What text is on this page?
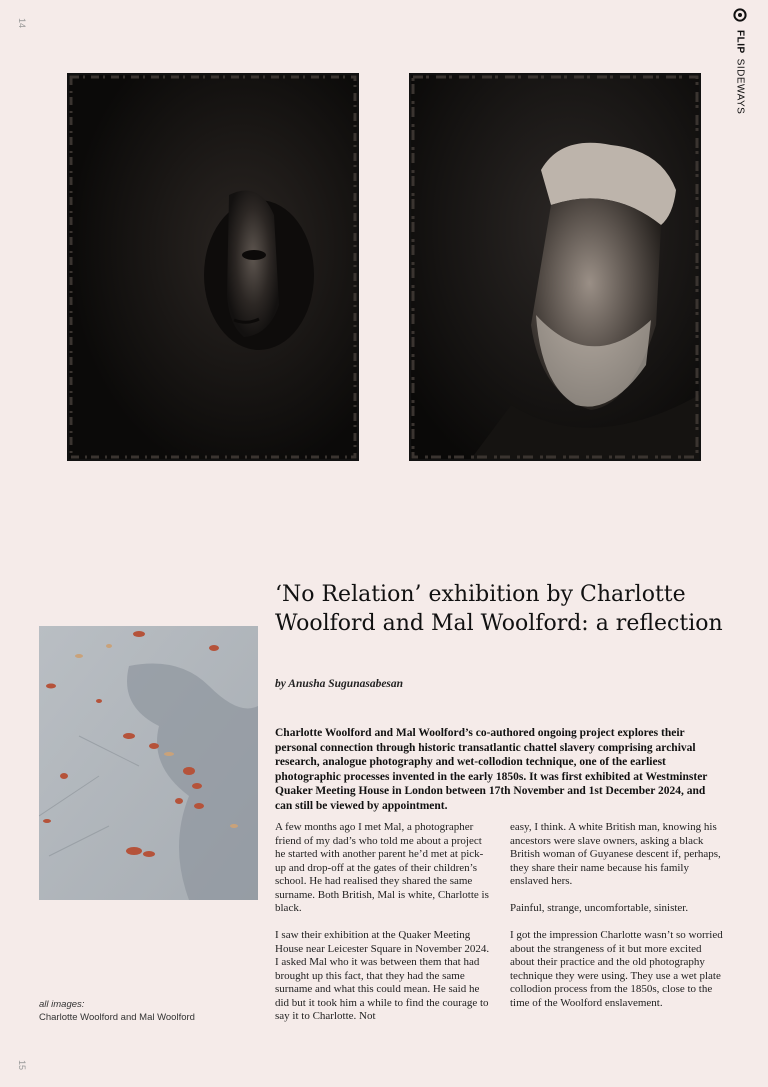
14
15
FLIPSIDEWAYS
all images:
Charlotte Woolford and Mal Woolford
‘No Relation’ exhibition by Charlotte Woolford and Mal Woolford: a reflection
by Anusha Sugunasabesan

Charlotte Woolford and Mal Woolford’s co-authored ongoing project explores their personal connection through historic transatlantic chattel slavery comprising archival research, analogue photography and wet-collodion technique, one of the earliest photographic processes invented in the early 1850s. It was first exhibited at Westminster Quaker Meeting House in London between 17th November and 1st December 2024, and can still be viewed by appointment.

A few months ago I met Mal, a photographer friend of my dad’s who told me about a project he started with another parent he’d met at pick-up and drop-off at the gates of their children’s school. He had realised they shared the same surname. Both British, Mal is white, Charlotte is black.

I saw their exhibition at the Quaker Meeting House near Leicester Square in November 2024. I asked Mal who it was between them that had brought up this fact, that they had the same surname and what this could mean. He said he did but it took him a while to find the courage to say it to Charlotte. Not

easy, I think. A white British man, knowing his ancestors were slave owners, asking a black British woman of Guyanese descent if, perhaps, they share their name because his family enslaved hers.

Painful, strange, uncomfortable, sinister.

I got the impression Charlotte wasn’t so worried about the strangeness of it but more excited about their practice and the old photography technique they were using. They use a wet plate collodion process from the 1850s, close to the time of the Woolford enslavement.
